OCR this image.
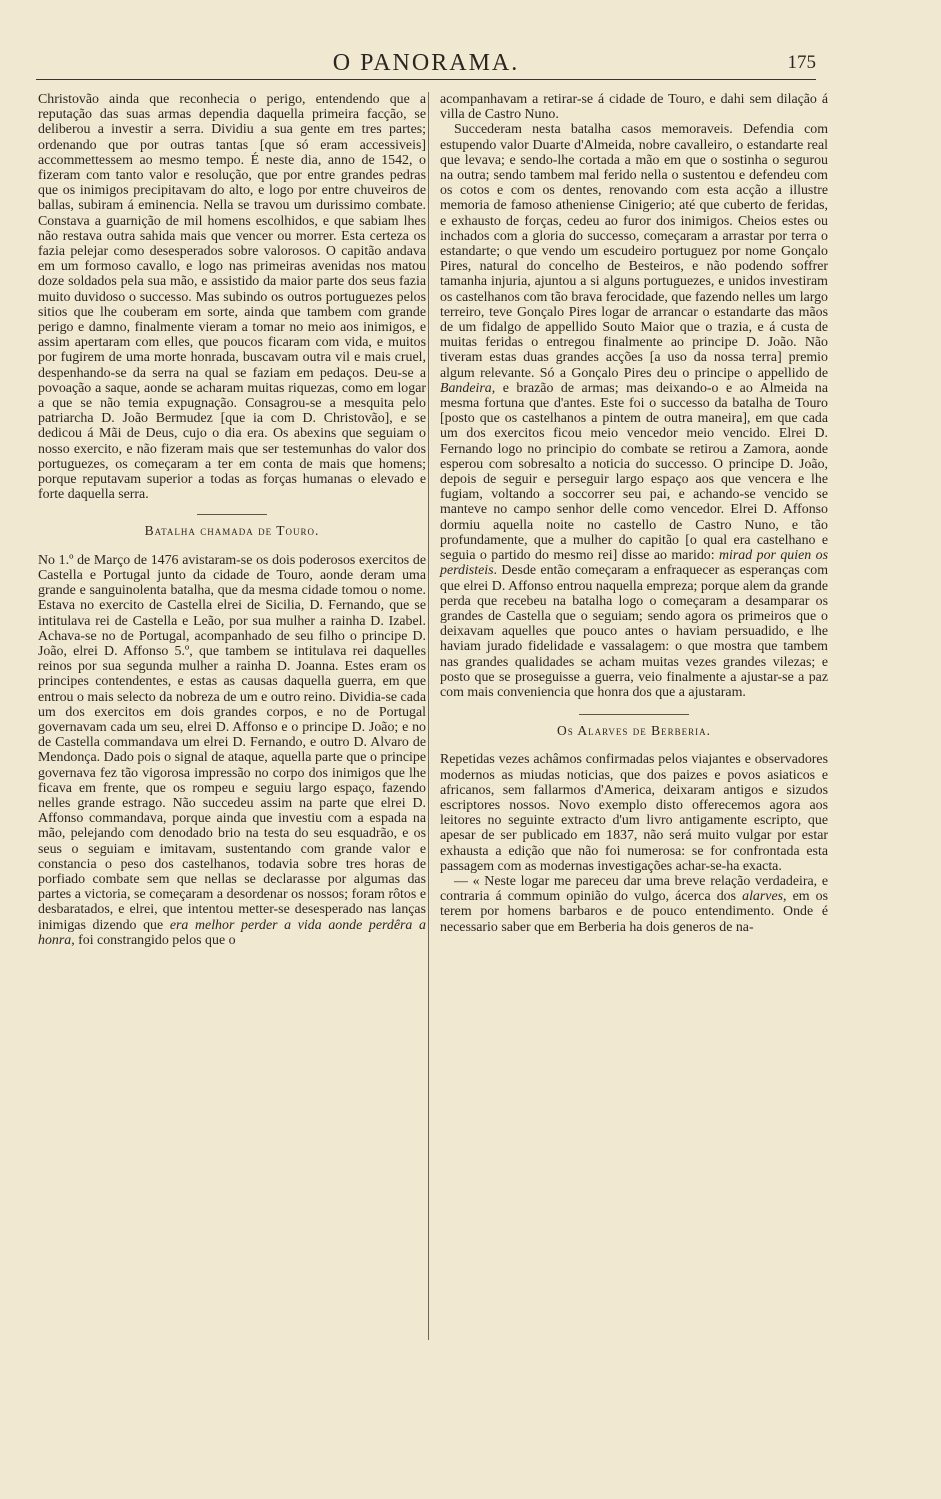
O PANORAMA.	175

Christovão ainda que reconhecia o perigo, entendendo que a reputação das suas armas dependia daquella primeira facção, se deliberou a investir a serra. Dividiu a sua gente em tres partes; ordenando que por outras tantas [que só eram accessiveis] accommettessem ao mesmo tempo. É neste dia, anno de 1542, o fizeram com tanto valor e resolução, que por entre grandes pedras que os inimigos precipitavam do alto, e logo por entre chuveiros de ballas, subiram á eminencia. Nella se travou um durissimo combate. Constava a guarnição de mil homens escolhidos, e que sabiam lhes não restava outra sahida mais que vencer ou morrer. Esta certeza os fazia pelejar como desesperados sobre valorosos. O capitão andava em um formoso cavallo, e logo nas primeiras avenidas nos matou doze soldados pela sua mão, e assistido da maior parte dos seus fazia muito duvidoso o successo. Mas subindo os outros portuguezes pelos sitios que lhe couberam em sorte, ainda que tambem com grande perigo e damno, finalmente vieram a tomar no meio aos inimigos, e assim apertaram com elles, que poucos ficaram com vida, e muitos por fugirem de uma morte honrada, buscavam outra vil e mais cruel, despenhando-se da serra na qual se faziam em pedaços. Deu-se a povoação a saque, aonde se acharam muitas riquezas, como em logar a que se não temia expugnação. Consagrou-se a mesquita pelo patriarcha D. João Bermudez [que ia com D. Christovão], e se dedicou á Mãi de Deus, cujo o dia era. Os abexins que seguiam o nosso exercito, e não fizeram mais que ser testemunhas do valor dos portuguezes, os começaram a ter em conta de mais que homens; porque reputavam superior a todas as forças humanas o elevado e forte daquella serra.

Batalha chamada de Touro.

No 1.º de Março de 1476 avistaram-se os dois poderosos exercitos de Castella e Portugal junto da cidade de Touro, aonde deram uma grande e sanguinolenta batalha, que da mesma cidade tomou o nome. Estava no exercito de Castella elrei de Sicilia, D. Fernando, que se intitulava rei de Castella e Leão, por sua mulher a rainha D. Izabel. Achava-se no de Portugal, acompanhado de seu filho o principe D. João, elrei D. Affonso 5.º, que tambem se intitulava rei daquelles reinos por sua segunda mulher a rainha D. Joanna. Estes eram os principes contendentes, e estas as causas daquella guerra, em que entrou o mais selecto da nobreza de um e outro reino. Dividia-se cada um dos exercitos em dois grandes corpos, e no de Portugal governavam cada um seu, elrei D. Affonso e o principe D. João; e no de Castella commandava um elrei D. Fernando, e outro D. Alvaro de Mendonça. Dado pois o signal de ataque, aquella parte que o principe governava fez tão vigorosa impressão no corpo dos inimigos que lhe ficava em frente, que os rompeu e seguiu largo espaço, fazendo nelles grande estrago. Não succedeu assim na parte que elrei D. Affonso commandava, porque ainda que investiu com a espada na mão, pelejando com denodado brio na testa do seu esquadrão, e os seus o seguiam e imitavam, sustentando com grande valor e constancia o peso dos castelhanos, todavia sobre tres horas de porfiado combate sem que nellas se declarasse por algumas das partes a victoria, se começaram a desordenar os nossos; foram rôtos e desbaratados, e elrei, que intentou metter-se desesperado nas lanças inimigas dizendo que era melhor perder a vida aonde perdêra a honra, foi constrangido pelos que o

acompanhavam a retirar-se á cidade de Touro, e dahi sem dilação á villa de Castro Nuno.

Succederam nesta batalha casos memoraveis. Defendia com estupendo valor Duarte d'Almeida, nobre cavalleiro, o estandarte real que levava; e sendo-lhe cortada a mão em que o sostinha o segurou na outra; sendo tambem mal ferido nella o sustentou e defendeu com os cotos e com os dentes, renovando com esta acção a illustre memoria de famoso atheniense Cinigerio; até que cuberto de feridas, e exhausto de forças, cedeu ao furor dos inimigos. Cheios estes ou inchados com a gloria do successo, começaram a arrastar por terra o estandarte; o que vendo um escudeiro portuguez por nome Gonçalo Pires, natural do concelho de Besteiros, e não podendo soffrer tamanha injuria, ajuntou a si alguns portuguezes, e unidos investiram os castelhanos com tão brava ferocidade, que fazendo nelles um largo terreiro, teve Gonçalo Pires logar de arrancar o estandarte das mãos de um fidalgo de appellido Souto Maior que o trazia, e á custa de muitas feridas o entregou finalmente ao principe D. João. Não tiveram estas duas grandes acções [a uso da nossa terra] premio algum relevante. Só a Gonçalo Pires deu o principe o appellido de Bandeira, e brazão de armas; mas deixando-o e ao Almeida na mesma fortuna que d'antes. Este foi o successo da batalha de Touro [posto que os castelhanos a pintem de outra maneira], em que cada um dos exercitos ficou meio vencedor meio vencido. Elrei D. Fernando logo no principio do combate se retirou a Zamora, aonde esperou com sobresalto a noticia do successo. O principe D. João, depois de seguir e perseguir largo espaço aos que vencera e lhe fugiam, voltando a soccorrer seu pai, e achando-se vencido se manteve no campo senhor delle como vencedor. Elrei D. Affonso dormiu aquella noite no castello de Castro Nuno, e tão profundamente, que a mulher do capitão [o qual era castelhano e seguia o partido do mesmo rei] disse ao marido: mirad por quien os perdisteis. Desde então começaram a enfraquecer as esperanças com que elrei D. Affonso entrou naquella empreza; porque alem da grande perda que recebeu na batalha logo o começaram a desamparar os grandes de Castella que o seguiam; sendo agora os primeiros que o deixavam aquelles que pouco antes o haviam persuadido, e lhe haviam jurado fidelidade e vassalagem: o que mostra que tambem nas grandes qualidades se acham muitas vezes grandes vilezas; e posto que se proseguisse a guerra, veio finalmente a ajustar-se a paz com mais conveniencia que honra dos que a ajustaram.

Os Alarves de Berberia.

Repetidas vezes achâmos confirmadas pelos viajantes e observadores modernos as miudas noticias, que dos paizes e povos asiaticos e africanos, sem fallarmos d'America, deixaram antigos e sizudos escriptores nossos. Novo exemplo disto offerecemos agora aos leitores no seguinte extracto d'um livro antigamente escripto, que apesar de ser publicado em 1837, não será muito vulgar por estar exhausta a edição que não foi numerosa: se for confrontada esta passagem com as modernas investigações achar-se-ha exacta.

— « Neste logar me pareceu dar uma breve relação verdadeira, e contraria á commum opinião do vulgo, ácerca dos alarves, em os terem por homens barbaros e de pouco entendimento. Onde é necessario saber que em Berberia ha dois generos de na-
